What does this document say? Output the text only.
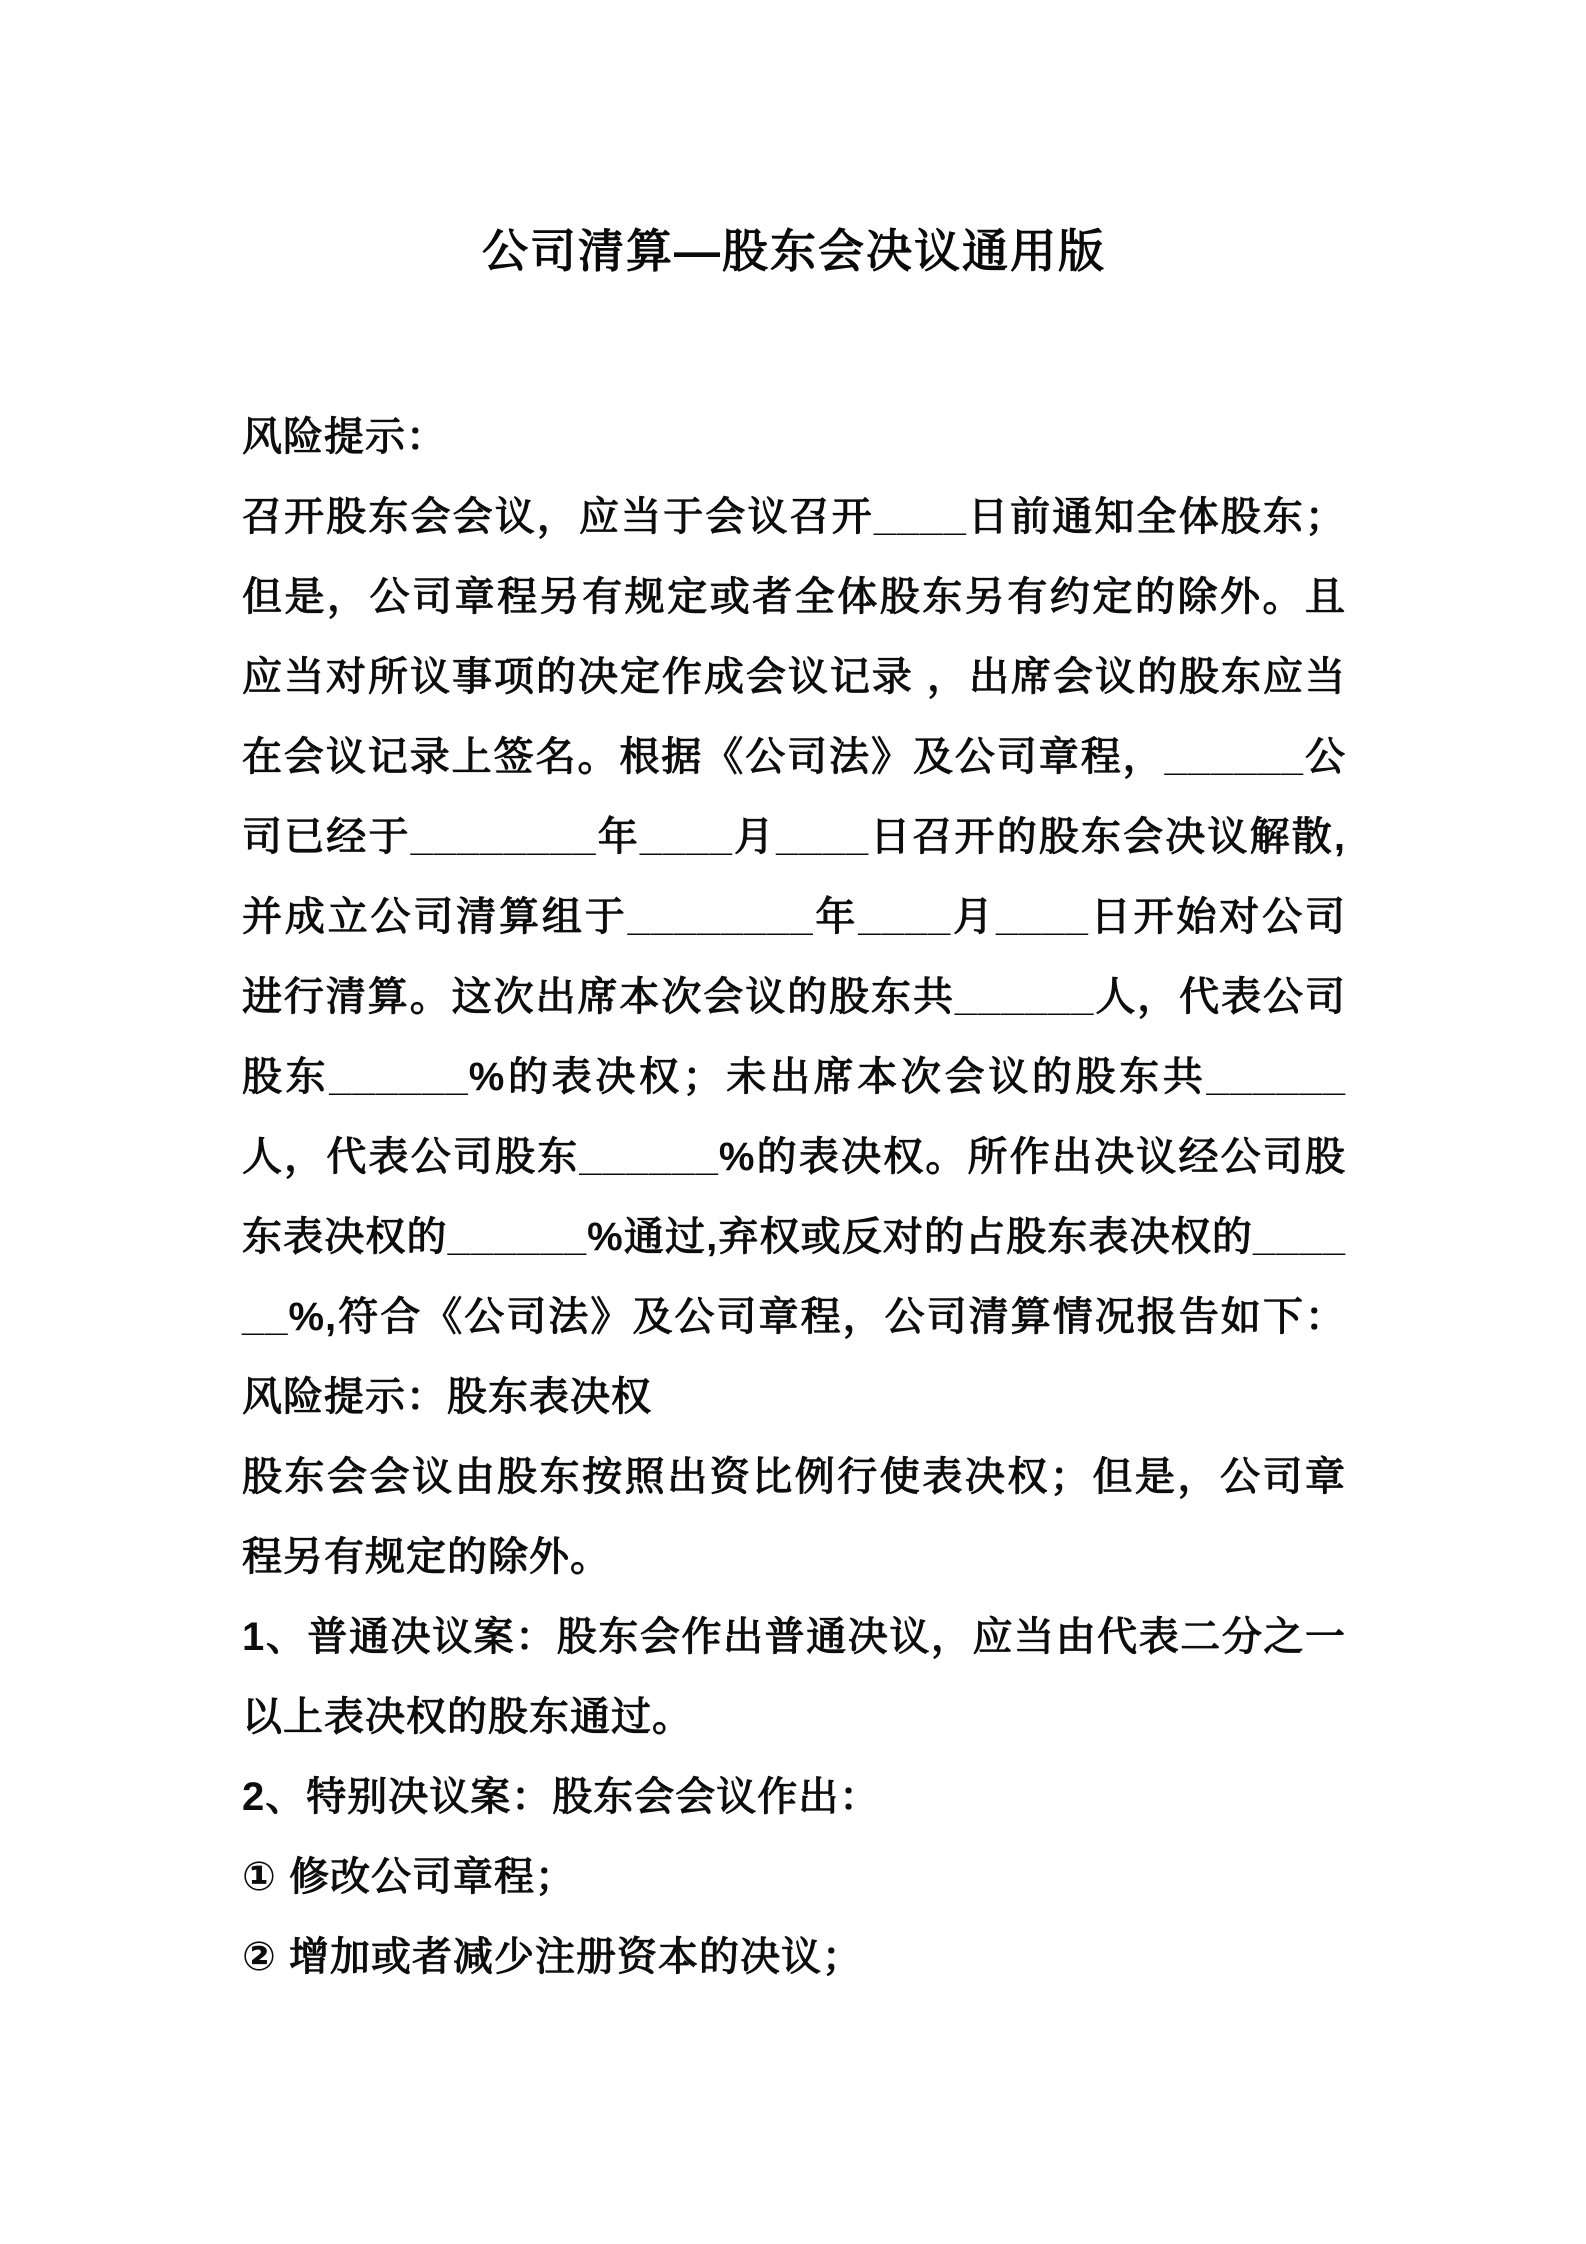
公司清算—股东会决议通用版

风险提示：

召开股东会会议，应当于会议召开____日前通知全体股东；但是，公司章程另有规定或者全体股东另有约定的除外。且应当对所议事项的决定作成会议记录 ，出席会议的股东应当在会议记录上签名。根据《公司法》及公司章程，______公司已经于________年____月____日召开的股东会决议解散,并成立公司清算组于________年____月____日开始对公司进行清算。这次出席本次会议的股东共______人，代表公司股东______%的表决权；未出席本次会议的股东共______人，代表公司股东______%的表决权。所作出决议经公司股东表决权的______%通过,弃权或反对的占股东表决权的______%,符合《公司法》及公司章程，公司清算情况报告如下：风险提示：股东表决权

股东会会议由股东按照出资比例行使表决权；但是，公司章程另有规定的除外。

1、普通决议案：股东会作出普通决议，应当由代表二分之一以上表决权的股东通过。

2、特别决议案：股东会会议作出：

① 修改公司章程；

② 增加或者减少注册资本的决议；
